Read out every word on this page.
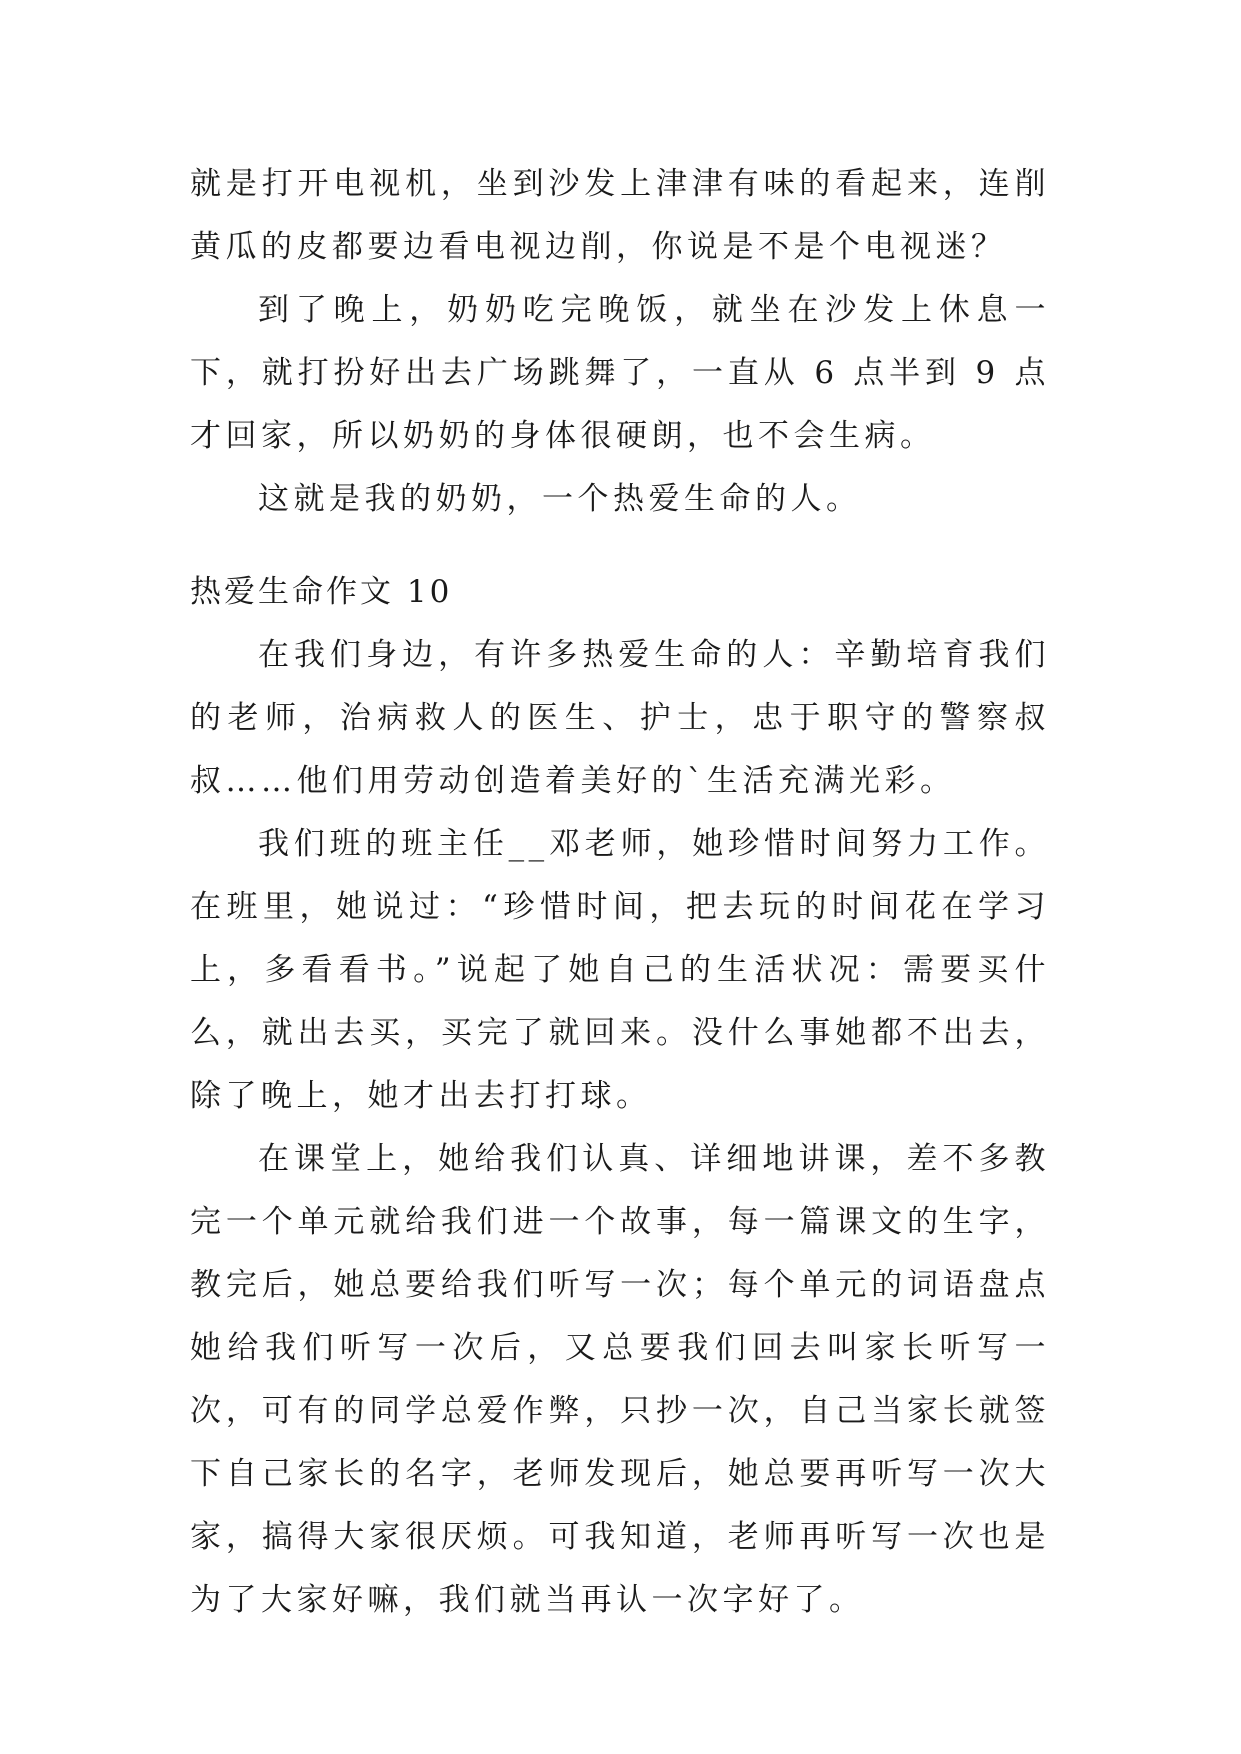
就是打开电视机，坐到沙发上津津有味的看起来，连削黄瓜的皮都要边看电视边削，你说是不是个电视迷？

到了晚上，奶奶吃完晚饭，就坐在沙发上休息一下，就打扮好出去广场跳舞了，一直从 6 点半到 9 点才回家，所以奶奶的身体很硬朗，也不会生病。

这就是我的奶奶，一个热爱生命的人。

热爱生命作文 10

在我们身边，有许多热爱生命的人：辛勤培育我们的老师，治病救人的医生、护士，忠于职守的警察叔叔……他们用劳动创造着美好的`生活充满光彩。

我们班的班主任__邓老师，她珍惜时间努力工作。在班里，她说过：“珍惜时间，把去玩的时间花在学习上，多看看书。”说起了她自己的生活状况：需要买什么，就出去买，买完了就回来。没什么事她都不出去，除了晚上，她才出去打打球。

在课堂上，她给我们认真、详细地讲课，差不多教完一个单元就给我们进一个故事，每一篇课文的生字，教完后，她总要给我们听写一次；每个单元的词语盘点她给我们听写一次后，又总要我们回去叫家长听写一次，可有的同学总爱作弊，只抄一次，自己当家长就签下自己家长的名字，老师发现后，她总要再听写一次大家，搞得大家很厌烦。可我知道，老师再听写一次也是为了大家好嘛，我们就当再认一次字好了。
